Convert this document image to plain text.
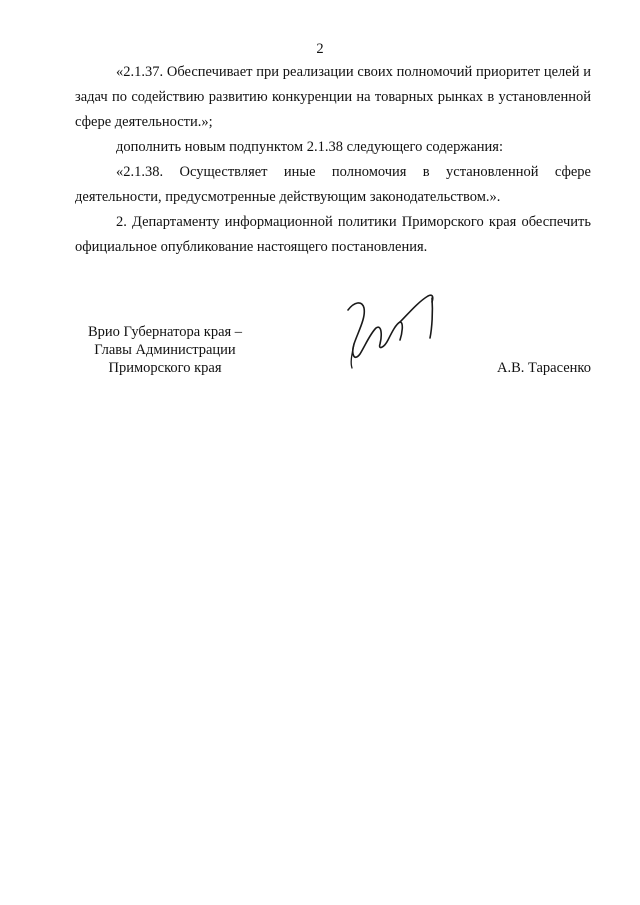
2

«2.1.37. Обеспечивает при реализации своих полномочий приоритет целей и задач по содействию развитию конкуренции на товарных рынках в установленной сфере деятельности.»;

дополнить новым подпунктом 2.1.38 следующего содержания:

«2.1.38. Осуществляет иные полномочия в установленной сфере деятельности, предусмотренные действующим законодательством.».

2. Департаменту информационной политики Приморского края обеспечить официальное опубликование настоящего постановления.

Врио Губернатора края –
Главы Администрации
Приморского края	А.В. Тарасенко
